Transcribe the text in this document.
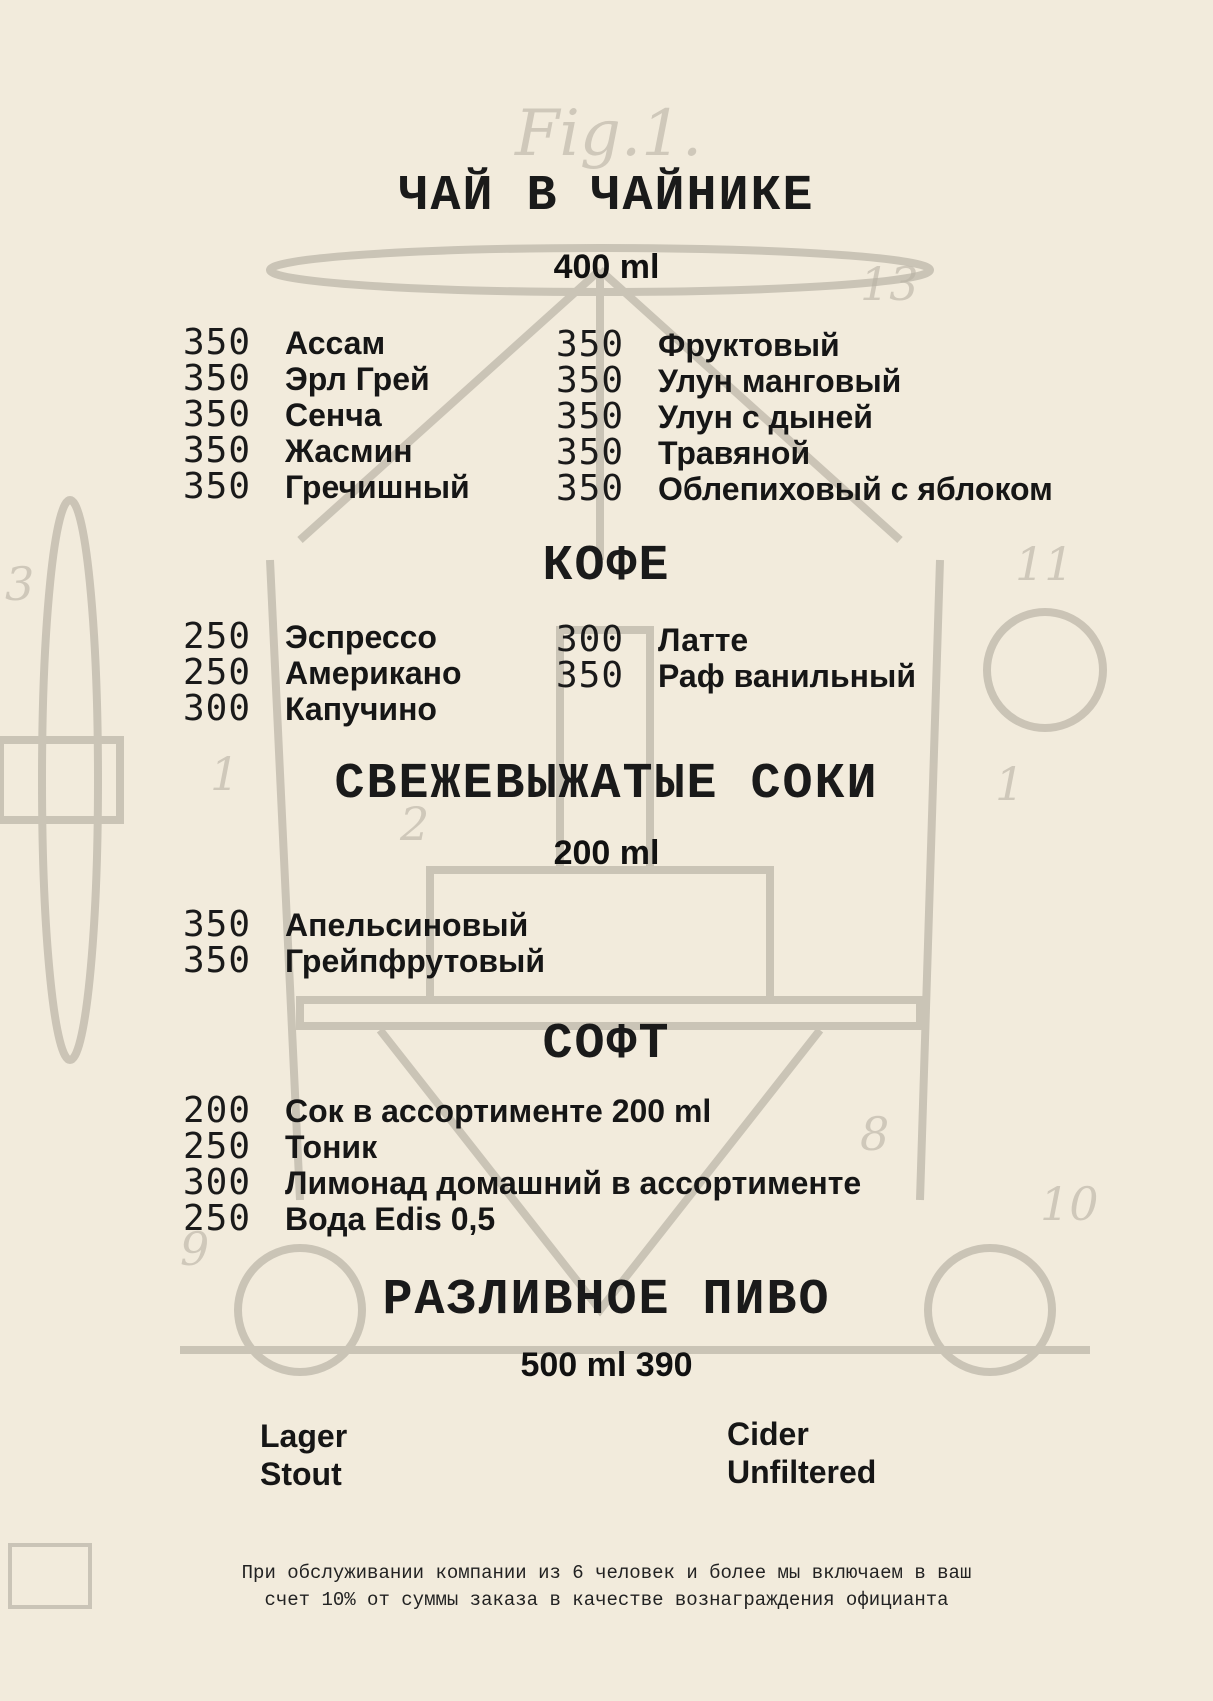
Fig.1.
3
1	1
11
2
8
10
9
13
ЧАЙ В ЧАЙНИКЕ
400 ml
350	Ассам
350	Эрл Грей
350	Сенча
350	Жасмин
350	Гречишный
350	Фруктовый
350	Улун манговый
350	Улун с дыней
350	Травяной
350	Облепиховый с яблоком
КОФЕ
250	Эспрессо
250	Американо
300	Капучино
300	Латте
350	Раф ванильный
СВЕЖЕВЫЖАТЫЕ СОКИ
200 ml
350	Апельсиновый
350	Грейпфрутовый
СОФТ
200	Сок в ассортименте 200 ml
250	Тоник
300	Лимонад домашний в ассортименте
250	Вода Edis 0,5
РАЗЛИВНОЕ ПИВО
500 ml 390
Lager
Stout
Cider
Unfiltered
При обслуживании компании из 6 человек и более мы включаем в ваш
счет 10% от суммы заказа в качестве вознаграждения официанта
